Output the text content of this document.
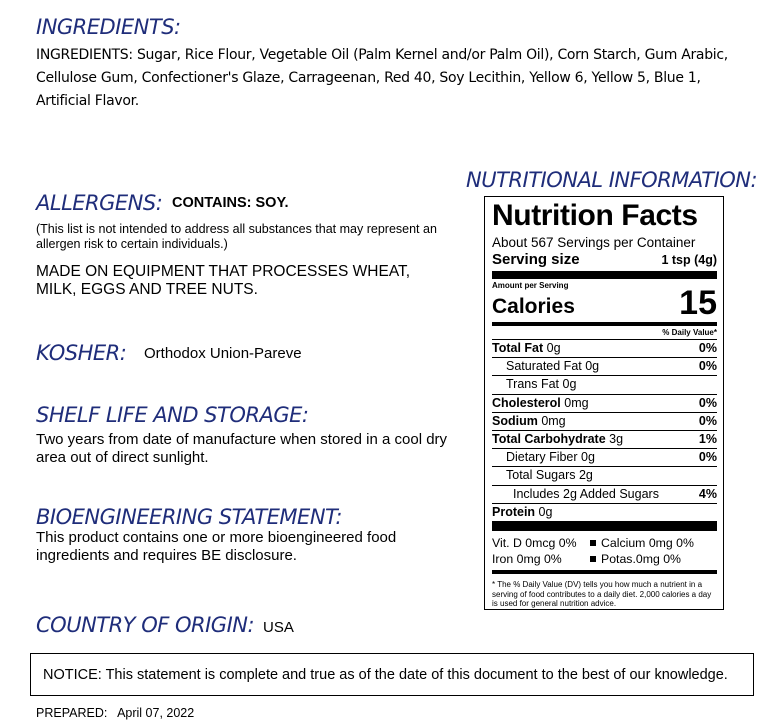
INGREDIENTS:
INGREDIENTS: Sugar, Rice Flour, Vegetable Oil (Palm Kernel and/or Palm Oil), Corn Starch, Gum Arabic, Cellulose Gum, Confectioner's Glaze, Carrageenan, Red 40, Soy Lecithin, Yellow 6, Yellow 5, Blue 1, Artificial Flavor.
NUTRITIONAL INFORMATION:
ALLERGENS: CONTAINS: SOY.
(This list is not intended to address all substances that may represent an allergen risk to certain individuals.)
MADE ON EQUIPMENT THAT PROCESSES WHEAT, MILK, EGGS AND TREE NUTS.
KOSHER: Orthodox Union-Pareve
SHELF LIFE AND STORAGE:
Two years from date of manufacture when stored in a cool dry area out of direct sunlight.
BIOENGINEERING STATEMENT:
This product contains one or more bioengineered food ingredients and requires BE disclosure.
COUNTRY OF ORIGIN: USA
Nutrition Facts
About 567 Servings per Container
Serving size	1 tsp (4g)
Amount per Serving
Calories	15
% Daily Value*
Total Fat 0g	0%
Saturated Fat 0g	0%
Trans Fat 0g
Cholesterol 0mg	0%
Sodium 0mg	0%
Total Carbohydrate 3g	1%
Dietary Fiber 0g	0%
Total Sugars 2g
Includes 2g Added Sugars	4%
Protein 0g
Vit. D 0mcg 0%	Calcium 0mg 0%
Iron 0mg 0%	Potas.0mg 0%
* The % Daily Value (DV) tells you how much a nutrient in a serving of food contributes to a daily diet. 2,000 calories a day is used for general nutrition advice.
NOTICE: This statement is complete and true as of the date of this document to the best of our knowledge.
PREPARED: April 07, 2022
